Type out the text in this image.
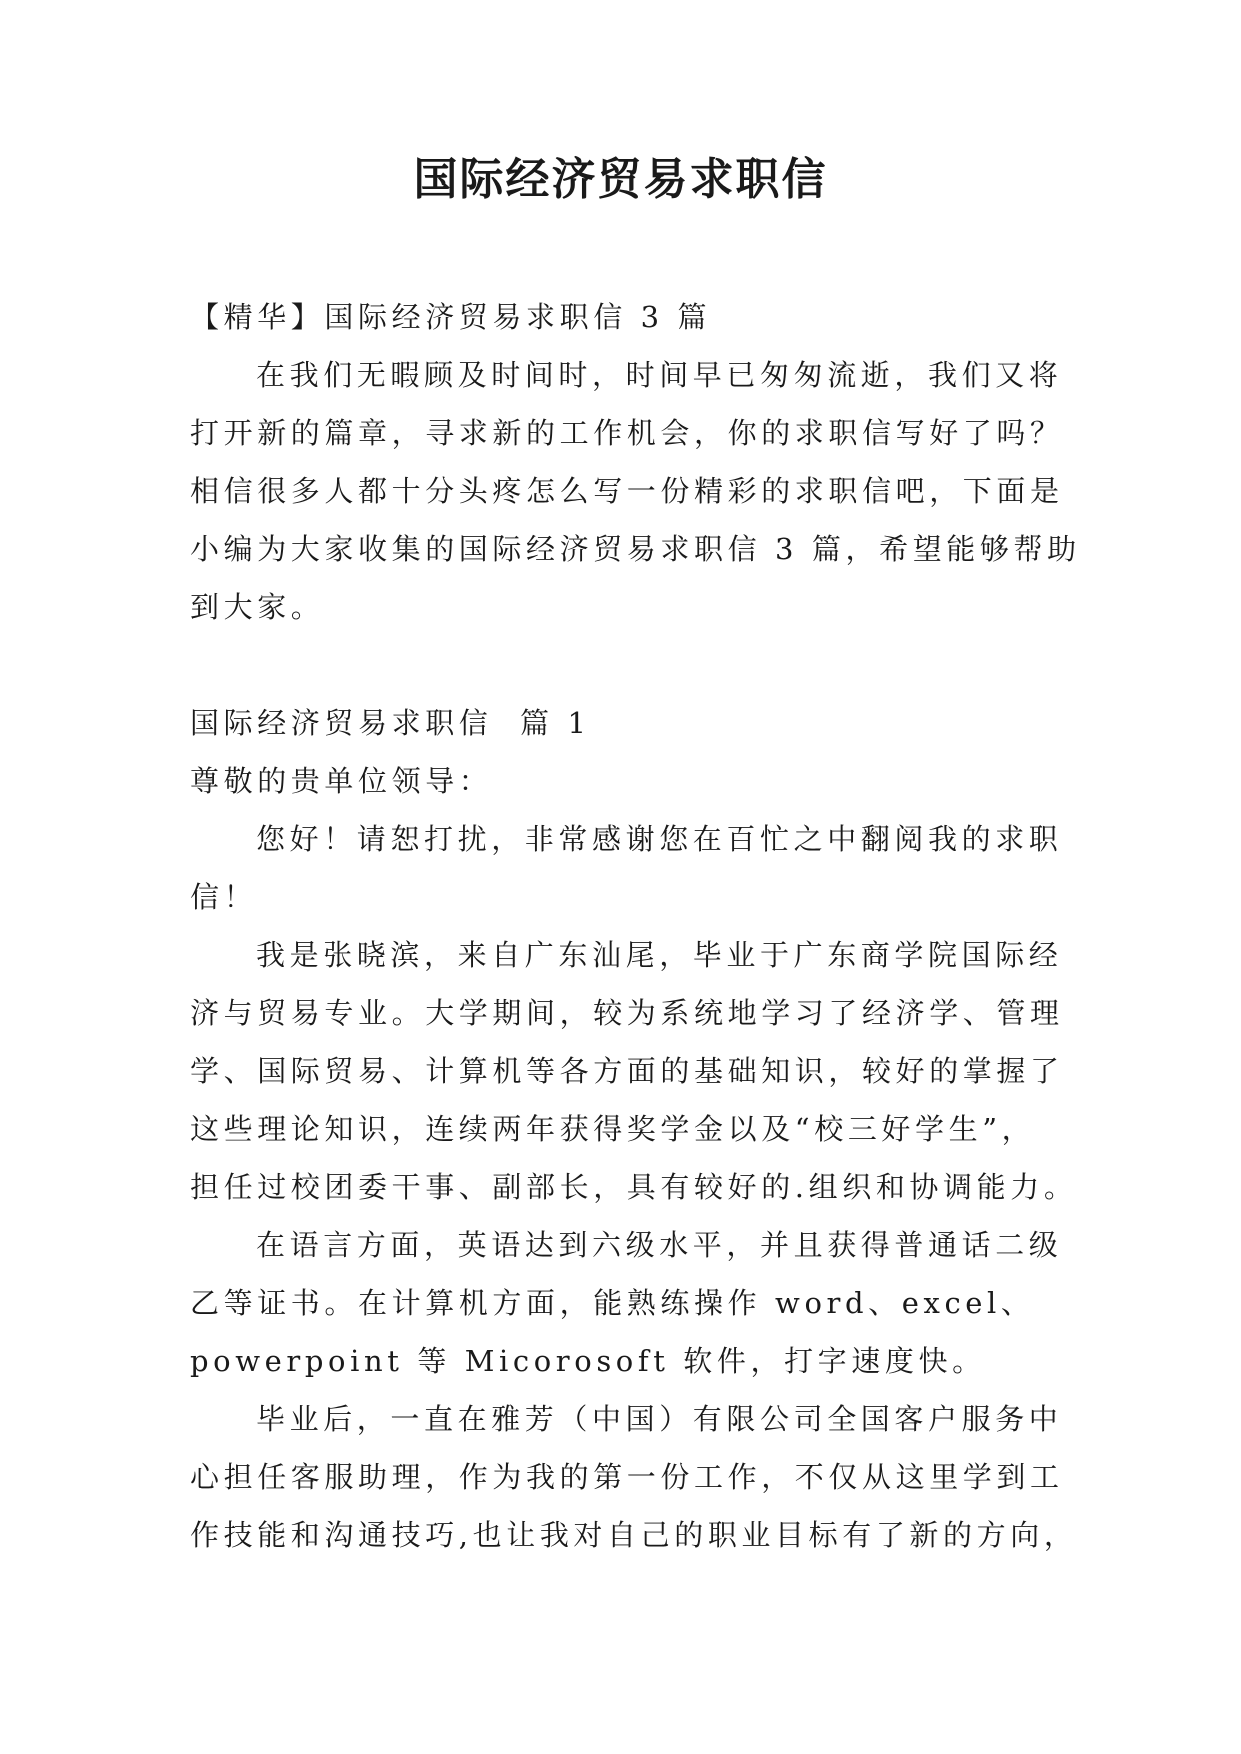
国际经济贸易求职信
【精华】国际经济贸易求职信 3 篇
在我们无暇顾及时间时，时间早已匆匆流逝，我们又将
打开新的篇章，寻求新的工作机会，你的求职信写好了吗？
相信很多人都十分头疼怎么写一份精彩的求职信吧，下面是
小编为大家收集的国际经济贸易求职信 3 篇，希望能够帮助
到大家。
国际经济贸易求职信  篇 1
尊敬的贵单位领导：
您好！请恕打扰，非常感谢您在百忙之中翻阅我的求职
信！
我是张晓滨，来自广东汕尾，毕业于广东商学院国际经
济与贸易专业。大学期间，较为系统地学习了经济学、管理
学、国际贸易、计算机等各方面的基础知识，较好的掌握了
这些理论知识，连续两年获得奖学金以及“校三好学生”，
担任过校团委干事、副部长，具有较好的.组织和协调能力。
在语言方面，英语达到六级水平，并且获得普通话二级
乙等证书。在计算机方面，能熟练操作 word、excel、
powerpoint 等 Micorosoft 软件，打字速度快。
毕业后，一直在雅芳（中国）有限公司全国客户服务中
心担任客服助理，作为我的第一份工作，不仅从这里学到工
作技能和沟通技巧,也让我对自己的职业目标有了新的方向，
